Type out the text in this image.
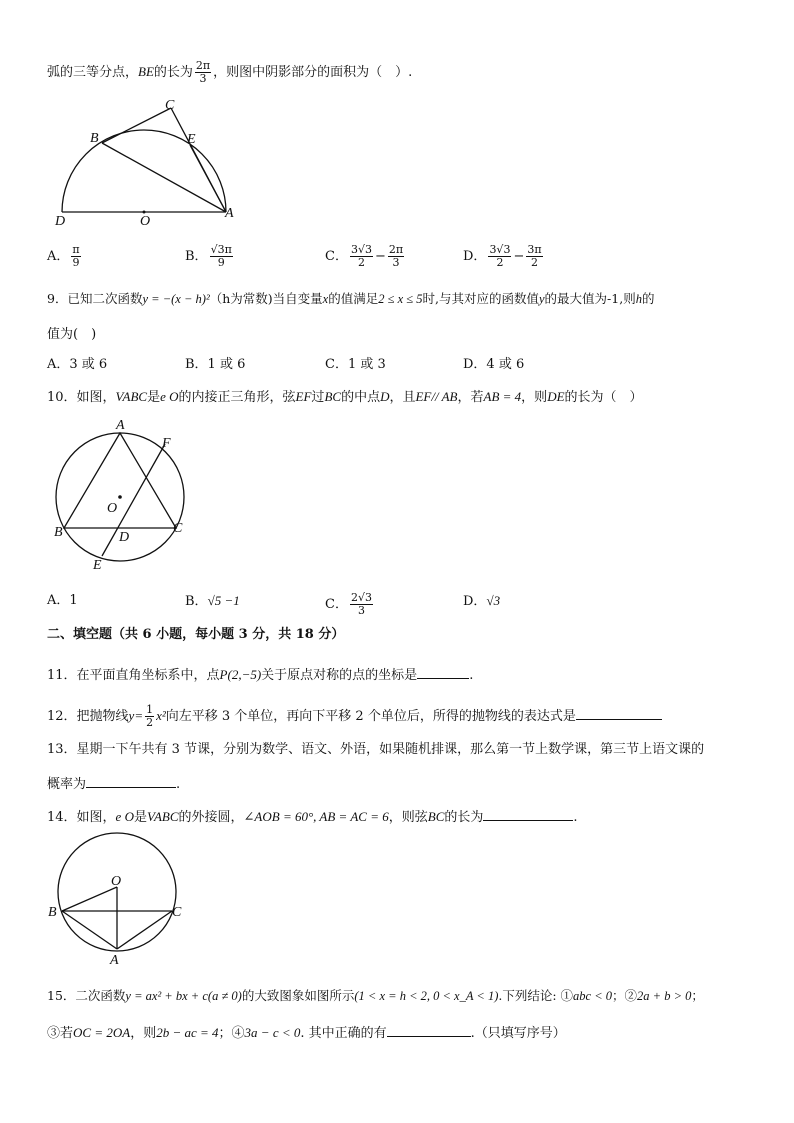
弧的三等分点，BE的长为 $\frac{2\pi}{3}$ ，则图中阴影部分的面积为（　）.
C
B	E
D	O
A
A． $\frac{\pi}{9}$	B． $\frac{√3\pi}{9}$	C． $\frac{3√3}{2} - \frac{2\pi}{3}$	D． $\frac{3√3}{2} - \frac{3\pi}{2}$
9．已知二次函数y = −(x − h)²（h为常数)当自变量x的值满足2 ≤ x ≤ 5时,与其对应的函数值y的最大值为-1,则h的
值为(　)
A．3 或 6	B．1 或 6	C．1 或 3	D．4 或 6
10．如图，VABC是e O的内接正三角形，弦EF过BC的中点D，且EF// AB，若AB = 4，则DE的长为（　）
A
F
O
B	D
C
E
A．1	B．√5 −1	C． $\frac{2√3}{3}$	D．√3
二、填空题（共 6 小题，每小题 3 分，共 18 分）
11．在平面直角坐标系中，点P(2,−5)关于原点对称的点的坐标是	.
12．把抛物线$y= \frac{1}{2} x^2$向左平移 3 个单位，再向下平移 2 个单位后，所得的抛物线的表达式是
13．星期一下午共有 3 节课，分别为数学、语文、外语，如果随机排课，那么第一节上数学课，第三节上语文课的
概率为	.
14．如图，e O是VABC的外接圆，∠AOB = 60°, AB = AC = 6，则弦BC的长为	.
O
B	C
A
15．二次函数y = ax² + bx + c(a ≠ 0)的大致图象如图所示(1 < x = h < 2, 0 < x_A < 1).下列结论: ①abc < 0；②2a + b > 0；
③若OC = 2OA，则2b − ac = 4；④3a − c < 0. 其中正确的有	.（只填写序号）
